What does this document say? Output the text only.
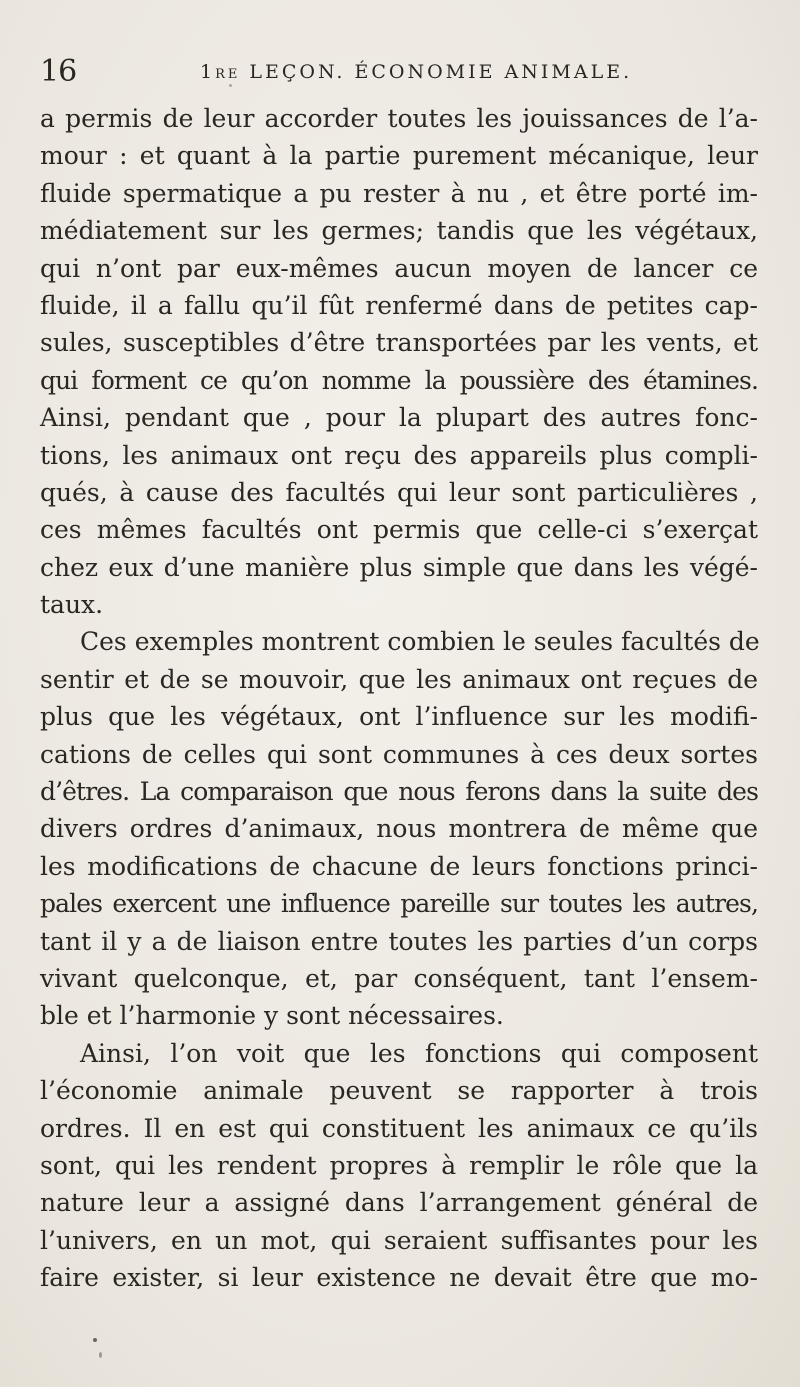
16	1re LEÇON. ÉCONOMIE ANIMALE.
a permis de leur accorder toutes les jouissances de l’a-
mour : et quant à la partie purement mécanique, leur
fluide spermatique a pu rester à nu , et être porté im-
médiatement sur les germes; tandis que les végétaux,
qui n’ont par eux-mêmes aucun moyen de lancer ce
fluide, il a fallu qu’il fût renfermé dans de petites cap-
sules, susceptibles d’être transportées par les vents, et
qui forment ce qu’on nomme la poussière des étamines.
Ainsi, pendant que , pour la plupart des autres fonc-
tions, les animaux ont reçu des appareils plus compli-
qués, à cause des facultés qui leur sont particulières ,
ces mêmes facultés ont permis que celle-ci s’exerçat
chez eux d’une manière plus simple que dans les végé-
taux.
Ces exemples montrent combien le seules facultés de
sentir et de se mouvoir, que les animaux ont reçues de
plus que les végétaux, ont l’influence sur les modifi-
cations de celles qui sont communes à ces deux sortes
d’êtres. La comparaison que nous ferons dans la suite des
divers ordres d’animaux, nous montrera de même que
les modifications de chacune de leurs fonctions princi-
pales exercent une influence pareille sur toutes les autres,
tant il y a de liaison entre toutes les parties d’un corps
vivant quelconque, et, par conséquent, tant l’ensem-
ble et l’harmonie y sont nécessaires.
Ainsi, l’on voit que les fonctions qui composent
l’économie animale peuvent se rapporter à trois
ordres. Il en est qui constituent les animaux ce qu’ils
sont, qui les rendent propres à remplir le rôle que la
nature leur a assigné dans l’arrangement général de
l’univers, en un mot, qui seraient suffisantes pour les
faire exister, si leur existence ne devait être que mo-
